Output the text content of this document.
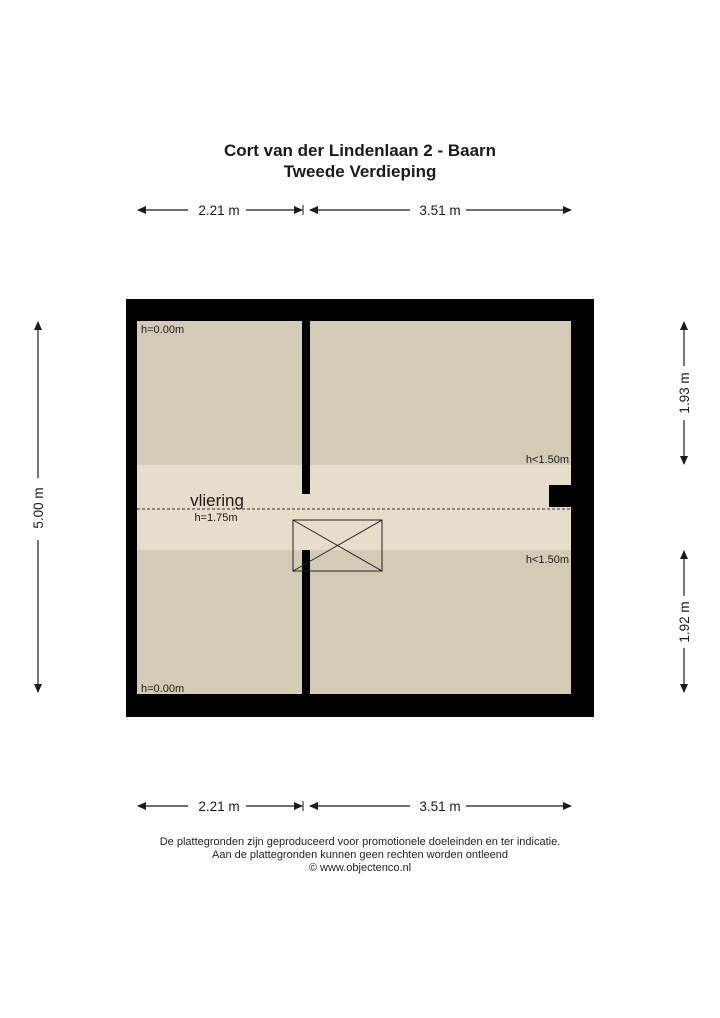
Cort van der Lindenlaan 2 - Baarn
Tweede Verdieping
2.21 m	3.51 m
2.21 m	3.51 m
5.00 m
1.93 m
1.92 m
h=0.00m
h=0.00m
h<1.50m
h<1.50m
vliering
h=1.75m
De plattegronden zijn geproduceerd voor promotionele doeleinden en ter indicatie.
Aan de plattegronden kunnen geen rechten worden ontleend
© www.objectenco.nl
